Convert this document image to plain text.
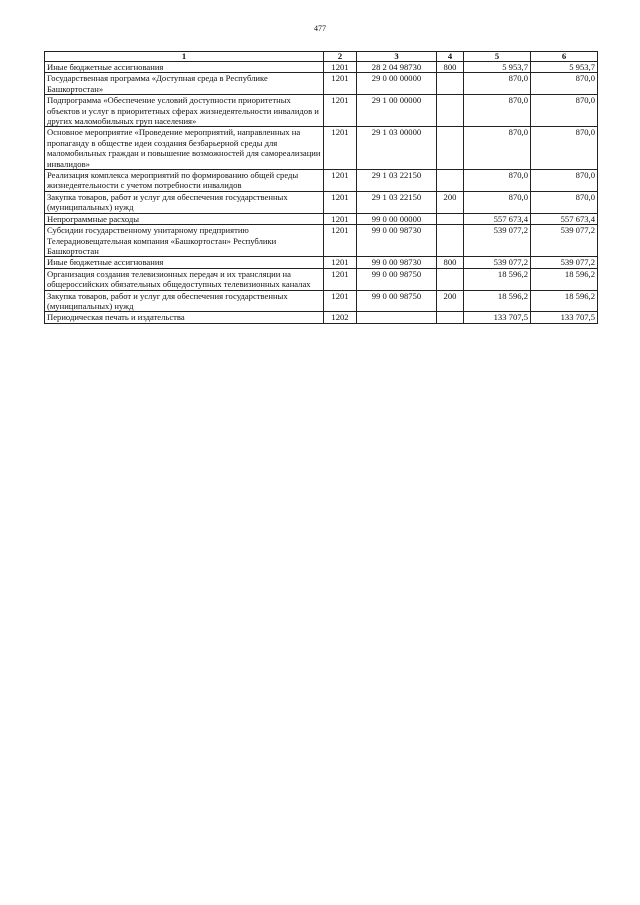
477
1	2	3	4	5	6
Иные бюджетные ассигнования	1201	28 2 04 98730	800	5 953,7	5 953,7
Государственная программа «Доступная среда в Республике Башкортостан»	1201	29 0 00 00000		870,0	870,0
Подпрограмма «Обеспечение условий доступности приоритетных объектов и услуг в приоритетных сферах жизнедеятельности инвалидов и других маломобильных груп населения»	1201	29 1 00 00000		870,0	870,0
Основное мероприятие «Проведение мероприятий, направленных на пропаганду в обществе идеи создания безбарьерной среды для маломобильных граждан и повышение возможностей для самореализации инвалидов»	1201	29 1 03 00000		870,0	870,0
Реализация комплекса мероприятий по формированию общей среды жизнедеятельности с учетом потребности инвалидов	1201	29 1 03 22150		870,0	870,0
Закупка товаров, работ и услуг для обеспечения государственных (муниципальных) нужд	1201	29 1 03 22150	200	870,0	870,0
Непрограммные расходы	1201	99 0 00 00000		557 673,4	557 673,4
Субсидии государственному унитарному предприятию Телерадиовещательная компания «Башкортостан» Республики Башкортостан	1201	99 0 00 98730		539 077,2	539 077,2
Иные бюджетные ассигнования	1201	99 0 00 98730	800	539 077,2	539 077,2
Организация создания телевизионных передач и их трансляции на общероссийских обязательных общедоступных телевизионных каналах	1201	99 0 00 98750		18 596,2	18 596,2
Закупка товаров, работ и услуг для обеспечения государственных (муниципальных) нужд	1201	99 0 00 98750	200	18 596,2	18 596,2
Периодическая печать и издательства	1202			133 707,5	133 707,5
